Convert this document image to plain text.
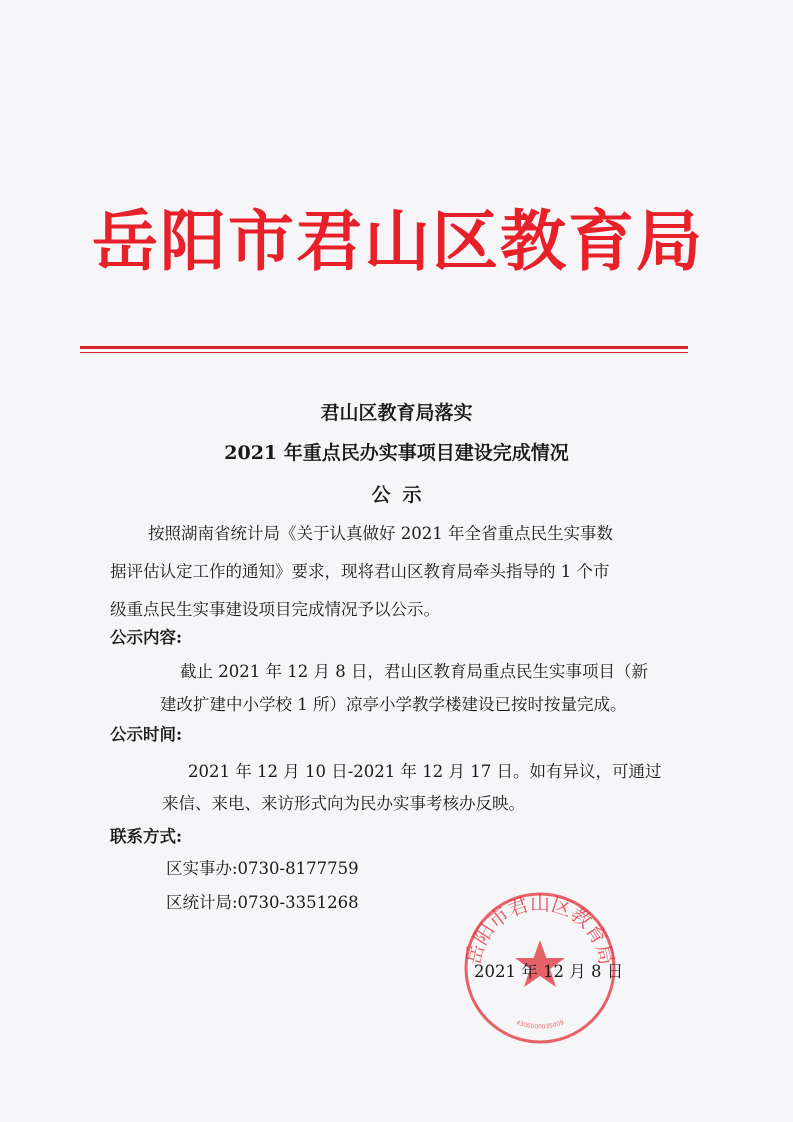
岳阳市君山区教育局
君山区教育局落实
2021 年重点民办实事项目建设完成情况
公示
按照湖南省统计局《关于认真做好 2021 年全省重点民生实事数
据评估认定工作的通知》要求，现将君山区教育局牵头指导的 1 个市
级重点民生实事建设项目完成情况予以公示。
公示内容:
截止 2021 年 12 月 8 日，君山区教育局重点民生实事项目（新
建改扩建中小学校 1 所）凉亭小学教学楼建设已按时按量完成。
公示时间:
2021 年 12 月 10 日-2021 年 12 月 17 日。如有异议，可通过
来信、来电、来访形式向为民办实事考核办反映。
联系方式:
区实事办:0730-8177759
区统计局:0730-3351268
岳阳市君山区教育局
4306000035009
2021 年 12 月 8 日
